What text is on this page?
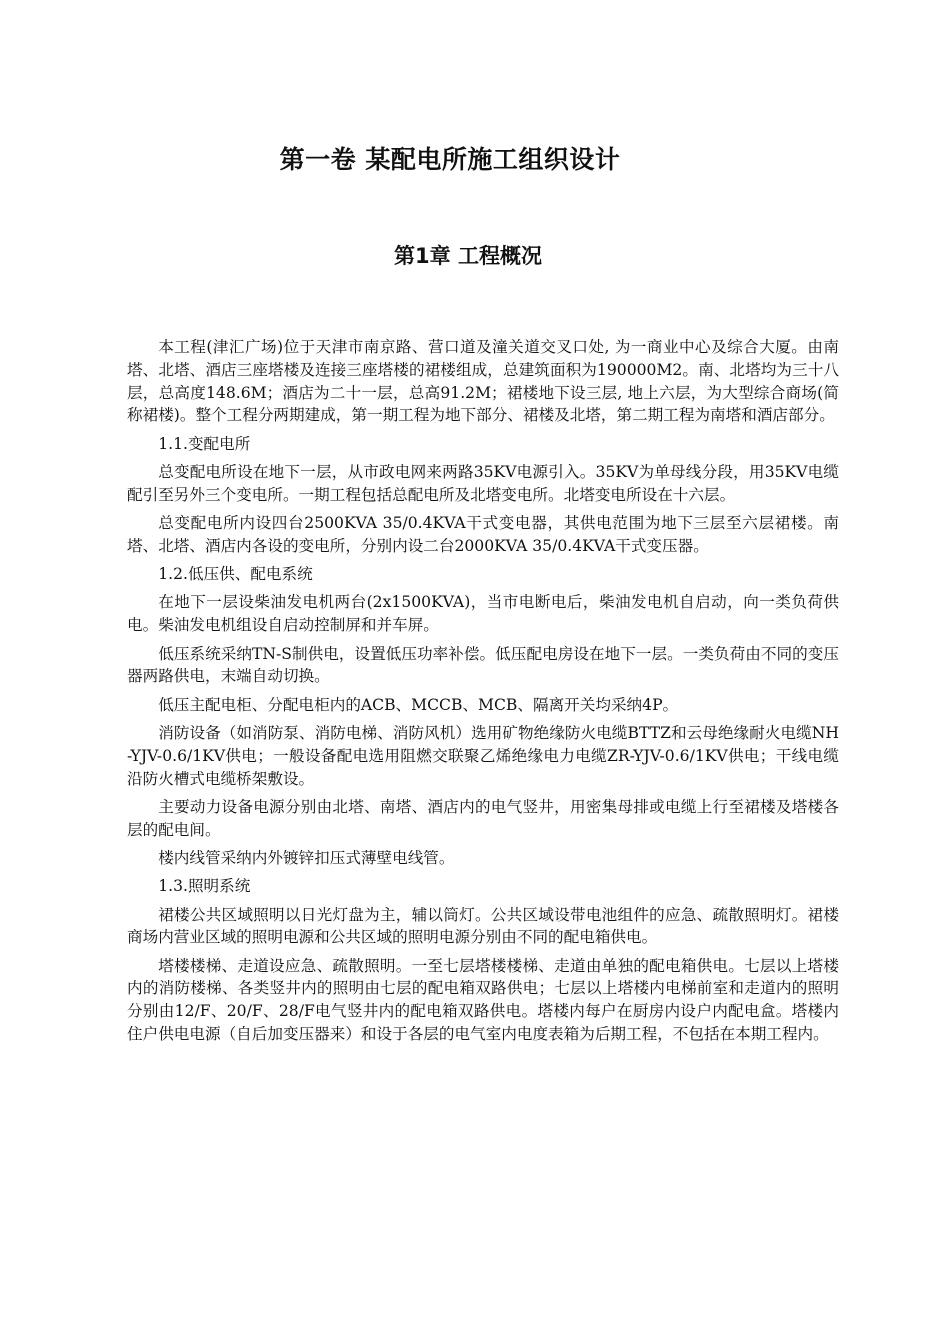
第一卷 某配电所施工组织设计
第1章 工程概况

本工程(津汇广场)位于天津市南京路、营口道及潼关道交叉口处, 为一商业中心及综合大厦。由南塔、北塔、酒店三座塔楼及连接三座塔楼的裙楼组成，总建筑面积为190000M2。南、北塔均为三十八层，总高度148.6M；酒店为二十一层，总高91.2M；裙楼地下设三层, 地上六层，为大型综合商场(简称裙楼)。整个工程分两期建成，第一期工程为地下部分、裙楼及北塔，第二期工程为南塔和酒店部分。

1.1.变配电所

总变配电所设在地下一层，从市政电网来两路35KV电源引入。35KV为单母线分段，用35KV电缆配引至另外三个变电所。一期工程包括总配电所及北塔变电所。北塔变电所设在十六层。

总变配电所内设四台2500KVA 35/0.4KVA干式变电器，其供电范围为地下三层至六层裙楼。南塔、北塔、酒店内各设的变电所，分别内设二台2000KVA 35/0.4KVA干式变压器。

1.2.低压供、配电系统

在地下一层设柴油发电机两台(2x1500KVA)，当市电断电后，柴油发电机自启动，向一类负荷供电。柴油发电机组设自启动控制屏和并车屏。

低压系统采纳TN-S制供电，设置低压功率补偿。低压配电房设在地下一层。一类负荷由不同的变压器两路供电，末端自动切换。

低压主配电柜、分配电柜内的ACB、MCCB、MCB、隔离开关均采纳4P。

消防设备（如消防泵、消防电梯、消防风机）选用矿物绝缘防火电缆BTTZ和云母绝缘耐火电缆NH-YJV-0.6/1KV供电；一般设备配电选用阻燃交联聚乙烯绝缘电力电缆ZR-YJV-0.6/1KV供电；干线电缆沿防火槽式电缆桥架敷设。

主要动力设备电源分别由北塔、南塔、酒店内的电气竖井，用密集母排或电缆上行至裙楼及塔楼各层的配电间。

楼内线管采纳内外镀锌扣压式薄壁电线管。

1.3.照明系统

裙楼公共区域照明以日光灯盘为主，辅以筒灯。公共区域设带电池组件的应急、疏散照明灯。裙楼商场内营业区域的照明电源和公共区域的照明电源分别由不同的配电箱供电。

塔楼楼梯、走道设应急、疏散照明。一至七层塔楼楼梯、走道由单独的配电箱供电。七层以上塔楼内的消防楼梯、各类竖井内的照明由七层的配电箱双路供电；七层以上塔楼内电梯前室和走道内的照明分别由12/F、20/F、28/F电气竖井内的配电箱双路供电。塔楼内每户在厨房内设户内配电盒。塔楼内住户供电电源（自后加变压器来）和设于各层的电气室内电度表箱为后期工程，不包括在本期工程内。
